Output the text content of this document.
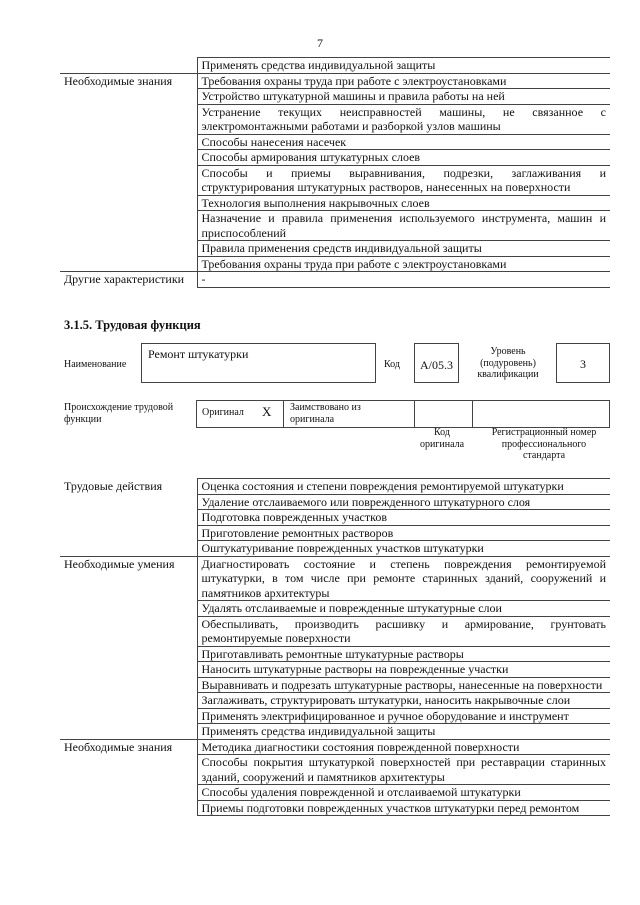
7
	Применять средства индивидуальной защиты
Необходимые знания	Требования охраны труда при работе с электроустановками
	Устройство штукатурной машины и правила работы на ней
	Устранение текущих неисправностей машины, не связанное с электромонтажными работами и разборкой узлов машины
	Способы нанесения насечек
	Способы армирования штукатурных слоев
	Способы и приемы выравнивания, подрезки, заглаживания и структурирования штукатурных растворов, нанесенных на поверхности
	Технология выполнения накрывочных слоев
	Назначение и правила применения используемого инструмента, машин и приспособлений
	Правила применения средств индивидуальной защиты
	Требования охраны труда при работе с электроустановками
Другие характеристики	-
3.1.5. Трудовая функция
Наименование
Ремонт штукатурки
Код	А/05.3
Уровень (подуровень) квалификации
3
Происхождение трудовой функции
Оригинал X Заимствовано из оригинала
Код оригинала
Регистрационный номер профессионального стандарта
Трудовые действия	Оценка состояния и степени повреждения ремонтируемой штукатурки
	Удаление отслаиваемого или поврежденного штукатурного слоя
	Подготовка поврежденных участков
	Приготовление ремонтных растворов
	Оштукатуривание поврежденных участков штукатурки
Необходимые умения	Диагностировать состояние и степень повреждения ремонтируемой штукатурки, в том числе при ремонте старинных зданий, сооружений и памятников архитектуры
	Удалять отслаиваемые и поврежденные штукатурные слои
	Обеспыливать, производить расшивку и армирование, грунтовать ремонтируемые поверхности
	Приготавливать ремонтные штукатурные растворы
	Наносить штукатурные растворы на поврежденные участки
	Выравнивать и подрезать штукатурные растворы, нанесенные на поверхности
	Заглаживать, структурировать штукатурки, наносить накрывочные слои
	Применять электрифицированное и ручное оборудование и инструмент
	Применять средства индивидуальной защиты
Необходимые знания	Методика диагностики состояния поврежденной поверхности
	Способы покрытия штукатуркой поверхностей при реставрации старинных зданий, сооружений и памятников архитектуры
	Способы удаления поврежденной и отслаиваемой штукатурки
	Приемы подготовки поврежденных участков штукатурки перед ремонтом
